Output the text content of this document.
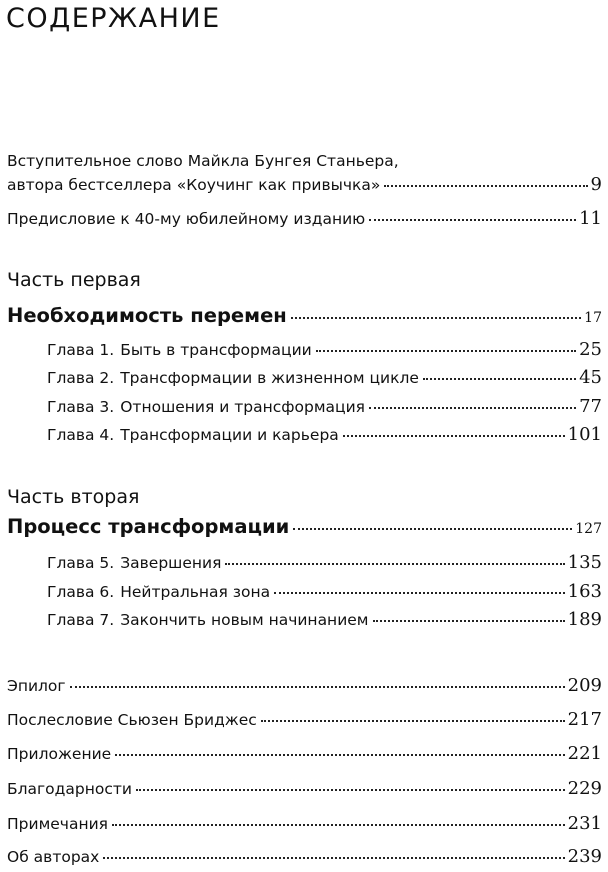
СОДЕРЖАНИЕ
Вступительное слово Майкла Бунгея Станьера,
автора бестселлера «Коучинг как привычка»	9
Предисловие к 40-му юбилейному изданию	11
Часть первая
Необходимость перемен	17
Глава 1. Быть в трансформации	25
Глава 2. Трансформации в жизненном цикле	45
Глава 3. Отношения и трансформация	77
Глава 4. Трансформации и карьера	101
Часть вторая
Процесс трансформации	127
Глава 5. Завершения	135
Глава 6. Нейтральная зона	163
Глава 7. Закончить новым начинанием	189
Эпилог	209
Послесловие Сьюзен Бриджес	217
Приложение	221
Благодарности	229
Примечания	231
Об авторах	239
